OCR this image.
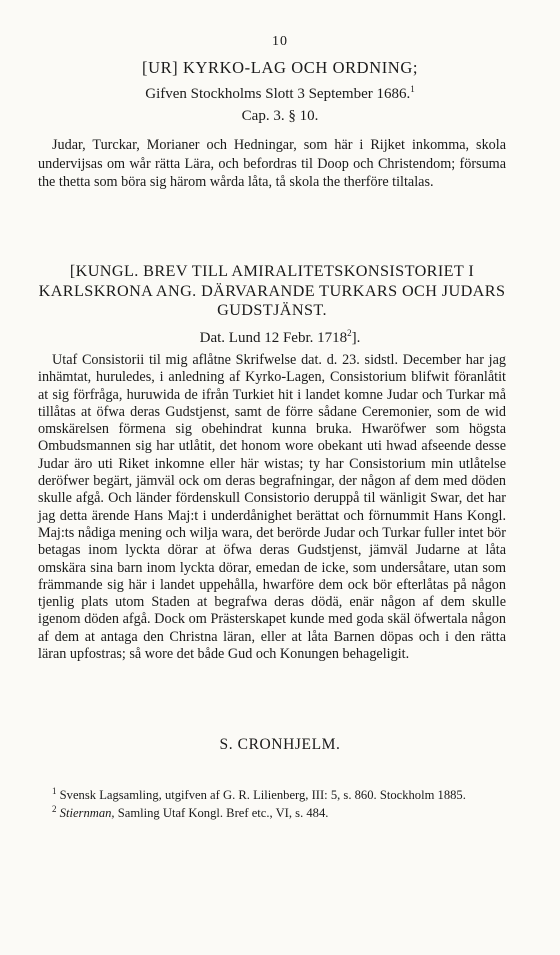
10
[UR] KYRKO-LAG OCH ORDNING;
Gifven Stockholms Slott 3 September 1686.$^1$
Cap. 3. § 10.
Judar, Turckar, Morianer och Hedningar, som här i Rijket inkomma, skola undervijsas om wår rätta Lära, och befordras til Doop och Christendom; försuma the thetta som böra sig härom wårda låta, tå skola the therföre tiltalas.
[KUNGL. BREV TILL AMIRALITETSKONSISTORIET I KARLSKRONA ANG. DÄRVARANDE TURKARS OCH JUDARS GUDSTJÄNST.
Dat. Lund 12 Febr. 1718$^2$].
Utaf Consistorii til mig aflåtne Skrifwelse dat. d. 23. sidstl. December har jag inhämtat, huruledes, i anledning af Kyrko-Lagen, Consistorium blifwit föranlåtit at sig förfråga, huruwida de ifrån Turkiet hit i landet komne Judar och Turkar må tillåtas at öfwa deras Gudstjenst, samt de förre sådane Ceremonier, som de wid omskärelsen förmena sig obehindrat kunna bruka. Hwaröfwer som högsta Ombudsmannen sig har utlåtit, det honom wore obekant uti hwad afseende desse Judar äro uti Riket inkomne eller här wistas; ty har Consistorium min utlåtelse deröfwer begärt, jämväl ock om deras begrafningar, der någon af dem med döden skulle afgå. Och länder fördenskull Consistorio deruppå til wänligit Swar, det har jag detta ärende Hans Maj:t i underdånighet berättat och förnummit Hans Kongl. Maj:ts nådiga mening och wilja wara, det berörde Judar och Turkar fuller intet bör betagas inom lyckta dörar at öfwa deras Gudstjenst, jämväl Judarne at låta omskära sina barn inom lyckta dörar, emedan de icke, som undersåtare, utan som främmande sig här i landet uppehålla, hwarföre dem ock bör efterlåtas på någon tjenlig plats utom Staden at begrafwa deras dödä, enär någon af dem skulle igenom döden afgå. Dock om Prästerskapet kunde med goda skäl öfwertala någon af dem at antaga den Christna läran, eller at låta Barnen döpas och i den rätta läran upfostras; så wore det både Gud och Konungen behageligit.
S. CRONHJELM.

$^1$ Svensk Lagsamling, utgifven af G. R. Lilienberg, III: 5, s. 860. Stockholm 1885.

$^2$ Stiernman, Samling Utaf Kongl. Bref etc., VI, s. 484.
